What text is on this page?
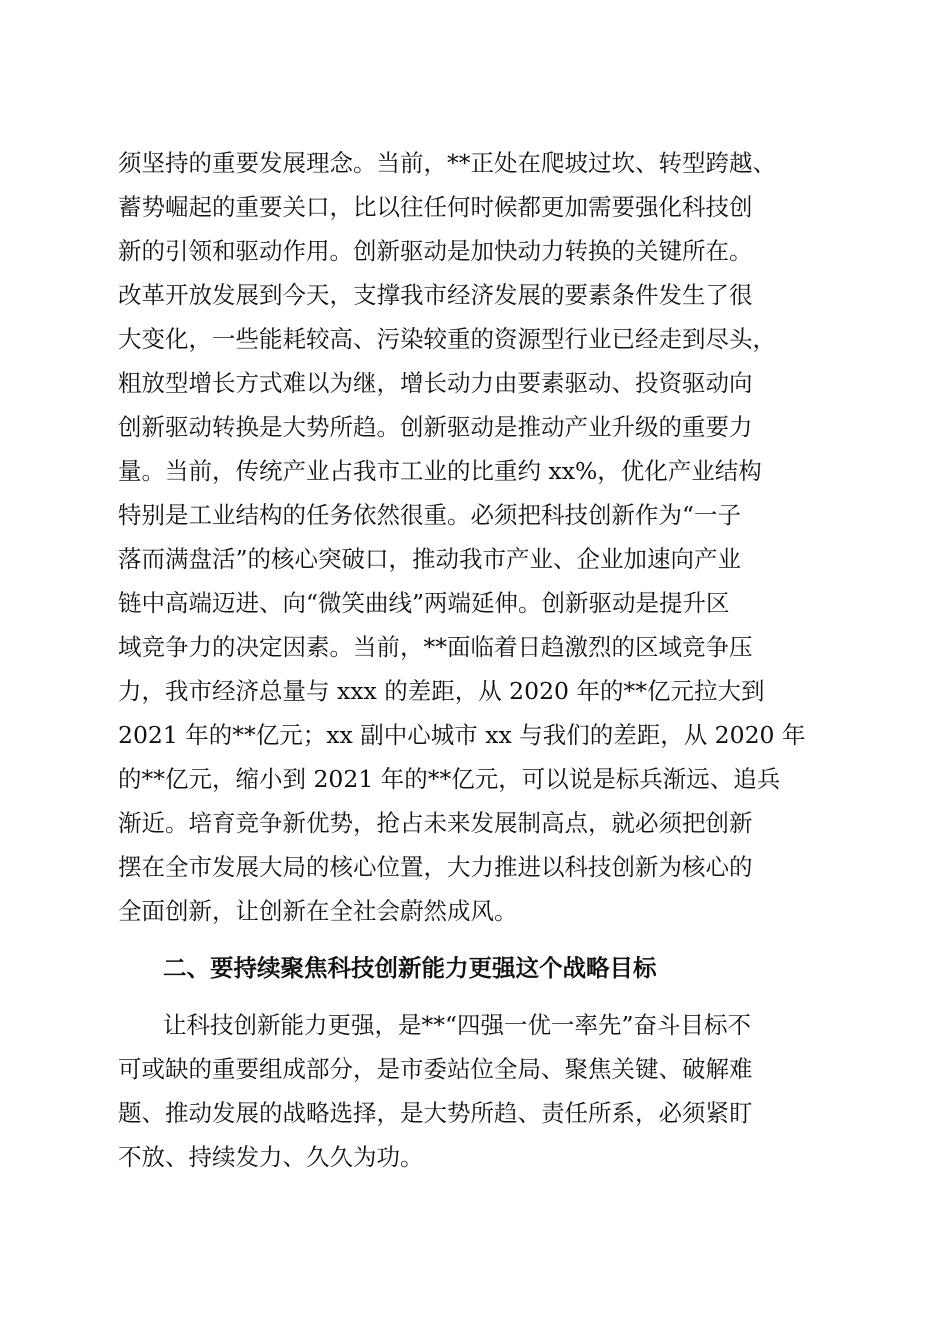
须坚持的重要发展理念。当前，**正处在爬坡过坎、转型跨越、
蓄势崛起的重要关口，比以往任何时候都更加需要强化科技创
新的引领和驱动作用。创新驱动是加快动力转换的关键所在。
改革开放发展到今天，支撑我市经济发展的要素条件发生了很
大变化，一些能耗较高、污染较重的资源型行业已经走到尽头，
粗放型增长方式难以为继，增长动力由要素驱动、投资驱动向
创新驱动转换是大势所趋。创新驱动是推动产业升级的重要力
量。当前，传统产业占我市工业的比重约 xx%，优化产业结构
特别是工业结构的任务依然很重。必须把科技创新作为“一子
落而满盘活”的核心突破口，推动我市产业、企业加速向产业
链中高端迈进、向“微笑曲线”两端延伸。创新驱动是提升区
域竞争力的决定因素。当前，**面临着日趋激烈的区域竞争压
力，我市经济总量与 xxx 的差距，从 2020 年的**亿元拉大到
2021 年的**亿元；xx 副中心城市 xx 与我们的差距，从 2020 年
的**亿元，缩小到 2021 年的**亿元，可以说是标兵渐远、追兵
渐近。培育竞争新优势，抢占未来发展制高点，就必须把创新
摆在全市发展大局的核心位置，大力推进以科技创新为核心的
全面创新，让创新在全社会蔚然成风。
二、要持续聚焦科技创新能力更强这个战略目标
让科技创新能力更强，是**“四强一优一率先”奋斗目标不
可或缺的重要组成部分，是市委站位全局、聚焦关键、破解难
题、推动发展的战略选择，是大势所趋、责任所系，必须紧盯
不放、持续发力、久久为功。
